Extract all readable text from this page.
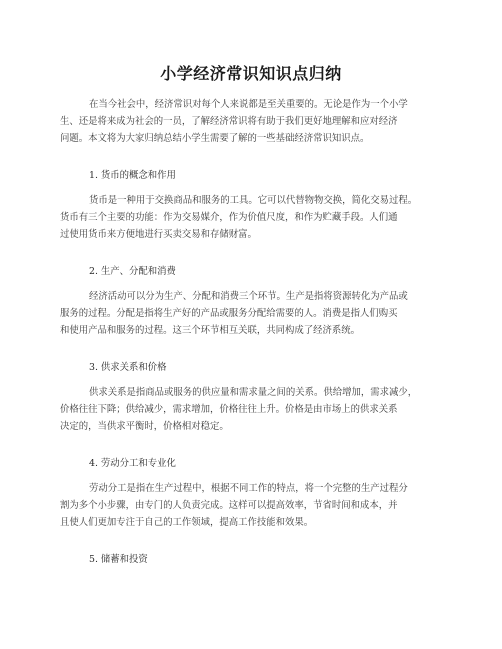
小学经济常识知识点归纳
在当今社会中，经济常识对每个人来说都是至关重要的。无论是作为一个小学
生、还是将来成为社会的一员，了解经济常识将有助于我们更好地理解和应对经济
问题。本文将为大家归纳总结小学生需要了解的一些基础经济常识知识点。
1. 货币的概念和作用
货币是一种用于交换商品和服务的工具。它可以代替物物交换，简化交易过程。
货币有三个主要的功能：作为交易媒介，作为价值尺度，和作为贮藏手段。人们通
过使用货币来方便地进行买卖交易和存储财富。
2. 生产、分配和消费
经济活动可以分为生产、分配和消费三个环节。生产是指将资源转化为产品或
服务的过程。分配是指将生产好的产品或服务分配给需要的人。消费是指人们购买
和使用产品和服务的过程。这三个环节相互关联，共同构成了经济系统。
3. 供求关系和价格
供求关系是指商品或服务的供应量和需求量之间的关系。供给增加，需求减少，
价格往往下降；供给减少，需求增加，价格往往上升。价格是由市场上的供求关系
决定的，当供求平衡时，价格相对稳定。
4. 劳动分工和专业化
劳动分工是指在生产过程中，根据不同工作的特点，将一个完整的生产过程分
割为多个小步骤，由专门的人负责完成。这样可以提高效率，节省时间和成本，并
且使人们更加专注于自己的工作领域，提高工作技能和效果。
5. 储蓄和投资
